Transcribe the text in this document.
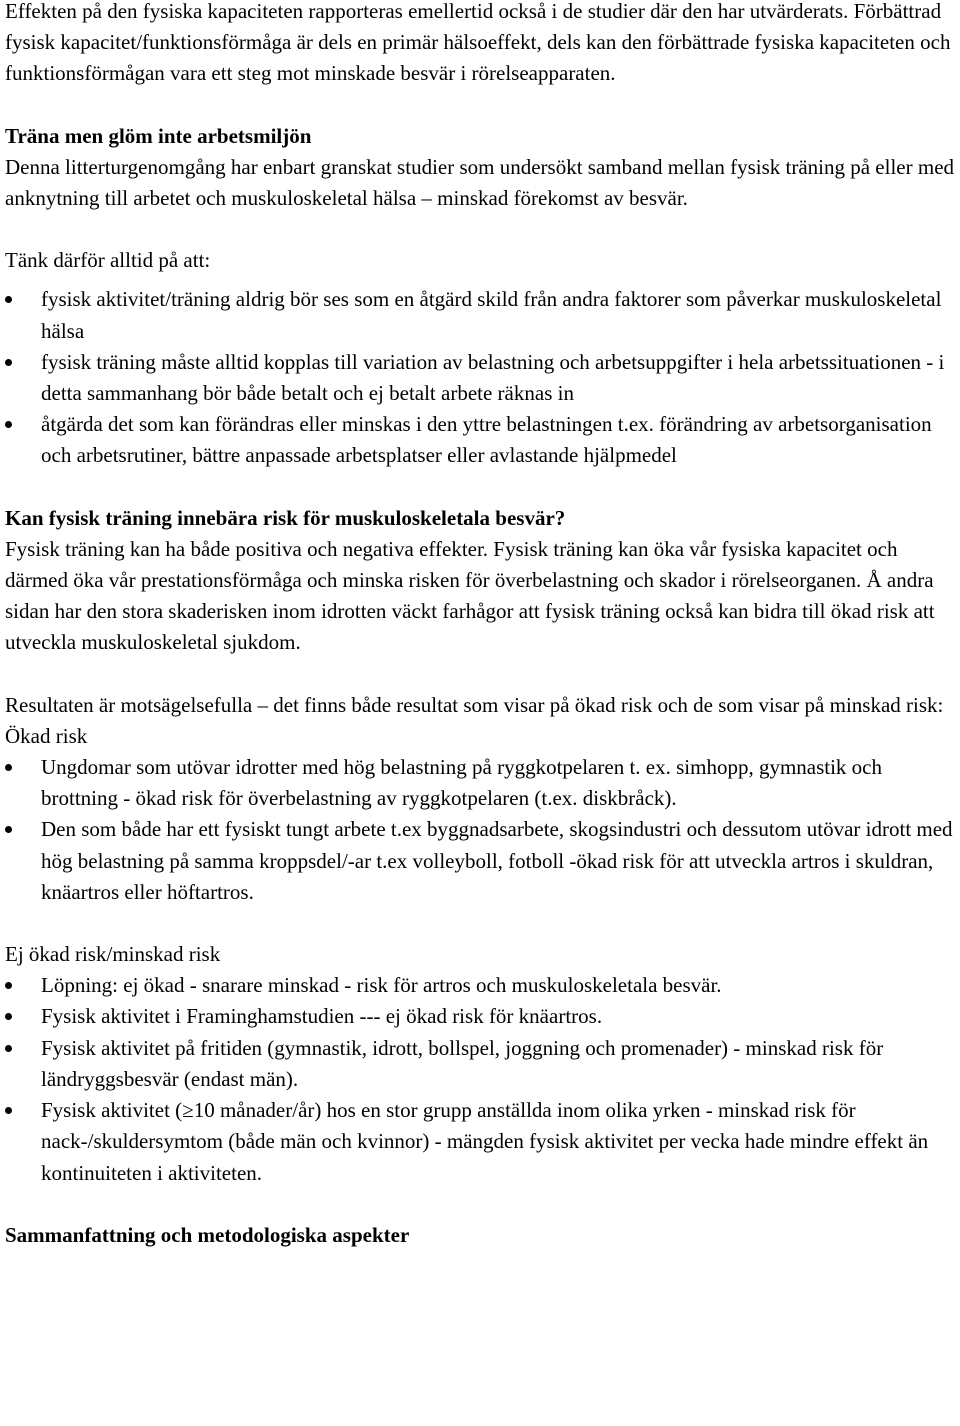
Effekten på den fysiska kapaciteten rapporteras emellertid också i de studier där den har utvärderats. Förbättrad fysisk kapacitet/funktionsförmåga är dels en primär hälsoeffekt, dels kan den förbättrade fysiska kapaciteten och funktionsförmågan vara ett steg mot minskade besvär i rörelseapparaten.

Träna men glöm inte arbetsmiljön

Denna litterturgenomgång har enbart granskat studier som undersökt samband mellan fysisk träning på eller med anknytning till arbetet och muskuloskeletal hälsa – minskad förekomst av besvär.

Tänk därför alltid på att:

fysisk aktivitet/träning aldrig bör ses som en åtgärd skild från andra faktorer som påverkar muskuloskeletal hälsa
fysisk träning måste alltid kopplas till variation av belastning och arbetsuppgifter i hela arbetssituationen - i detta sammanhang bör både betalt och ej betalt arbete räknas in
åtgärda det som kan förändras eller minskas i den yttre belastningen t.ex. förändring av arbetsorganisation och arbetsrutiner, bättre anpassade arbetsplatser eller avlastande hjälpmedel
Kan fysisk träning innebära risk för muskuloskeletala besvär?

Fysisk träning kan ha både positiva och negativa effekter. Fysisk träning kan öka vår fysiska kapacitet och därmed öka vår prestationsförmåga och minska risken för överbelastning och skador i rörelseorganen. Å andra sidan har den stora skaderisken inom idrotten väckt farhågor att fysisk träning också kan bidra till ökad risk att utveckla muskuloskeletal sjukdom.

Resultaten är motsägelsefulla – det finns både resultat som visar på ökad risk och de som visar på minskad risk:

Ökad risk

Ungdomar som utövar idrotter med hög belastning på ryggkotpelaren t. ex. simhopp, gymnastik och brottning - ökad risk för överbelastning av ryggkotpelaren (t.ex. diskbråck).
Den som både har ett fysiskt tungt arbete t.ex byggnadsarbete, skogsindustri och dessutom utövar idrott med hög belastning på samma kroppsdel/-ar t.ex volleyboll, fotboll -ökad risk för att utveckla artros i skuldran, knäartros eller höftartros.

Ej ökad risk/minskad risk

Löpning: ej ökad - snarare minskad - risk för artros och muskuloskeletala besvär.
Fysisk aktivitet i Framinghamstudien --- ej ökad risk för knäartros.
Fysisk aktivitet på fritiden (gymnastik, idrott, bollspel, joggning och promenader) - minskad risk för ländryggsbesvär (endast män).
Fysisk aktivitet (≥10 månader/år) hos en stor grupp anställda inom olika yrken - minskad risk för nack-/skuldersymtom (både män och kvinnor) - mängden fysisk aktivitet per vecka hade mindre effekt än kontinuiteten i aktiviteten.
Sammanfattning och metodologiska aspekter
